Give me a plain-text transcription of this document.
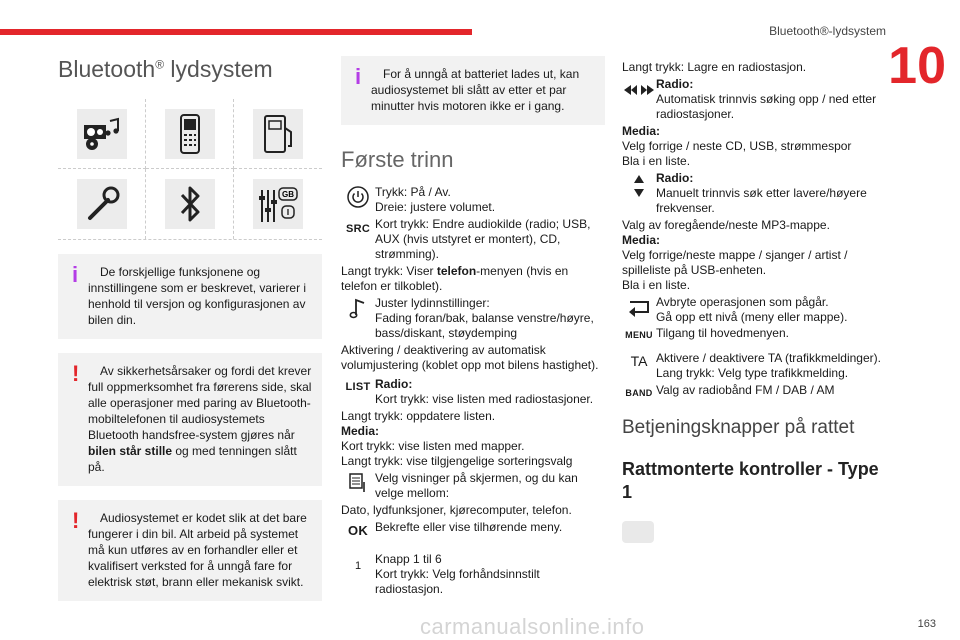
Bluetooth®-lydsystem
10
Bluetooth® lydsystem
GB
I
i	De forskjellige funksjonene og innstillingene som er beskrevet, varierer i henhold til versjon og konfigurasjonen av bilen din.
!	Av sikkerhetsårsaker og fordi det krever full oppmerksomhet fra førerens side, skal alle operasjoner med paring av Bluetooth-mobiltelefonen til audiosystemets Bluetooth handsfree-system gjøres når bilen står stille og med tenningen slått på.
!	Audiosystemet er kodet slik at det bare fungerer i din bil. Alt arbeid på systemet må kun utføres av en forhandler eller et kvalifisert verksted for å unngå fare for elektrisk støt, brann eller mekanisk svikt.
i	For å unngå at batteriet lades ut, kan audiosystemet bli slått av etter et par minutter hvis motoren ikke er i gang.
Første trinn
Trykk: På / Av.
Dreie: justere volumet.
SRC Kort trykk: Endre audiokilde (radio; USB, AUX (hvis utstyret er montert), CD, strømming).
Langt trykk: Viser telefon-menyen (hvis en telefon er tilkoblet).
Juster lydinnstillinger:
Fading foran/bak, balanse venstre/høyre, bass/diskant, støydemping
Aktivering / deaktivering av automatisk volumjustering (koblet opp mot bilens hastighet).
LIST Radio:
Kort trykk: vise listen med radiostasjoner.
Langt trykk: oppdatere listen.
Media:
Kort trykk: vise listen med mapper.
Langt trykk: vise tilgjengelige sorteringsvalg
Velg visninger på skjermen, og du kan velge mellom:
Dato, lydfunksjoner, kjørecomputer, telefon.
OK Bekrefte eller vise tilhørende meny.
1 Knapp 1 til 6
Kort trykk: Velg forhåndsinnstilt radiostasjon.
Langt trykk: Lagre en radiostasjon.
Radio:
Automatisk trinnvis søking opp / ned etter radiostasjoner.
Media:
Velg forrige / neste CD, USB, strømmespor
Bla i en liste.
Radio:
Manuelt trinnvis søk etter lavere/høyere frekvenser.
Valg av foregående/neste MP3-mappe.
Media:
Velg forrige/neste mappe / sjanger / artist / spilleliste på USB-enheten.
Bla i en liste.
Avbryte operasjonen som pågår.
Gå opp ett nivå (meny eller mappe).
MENU Tilgang til hovedmenyen.
TA Aktivere / deaktivere TA (trafikkmeldinger).
Lang trykk: Velg type trafikkmelding.
BAND Valg av radiobånd FM / DAB / AM
Betjeningsknapper på rattet
Rattmonterte kontroller - Type 1
carmanualsonline.info	163
